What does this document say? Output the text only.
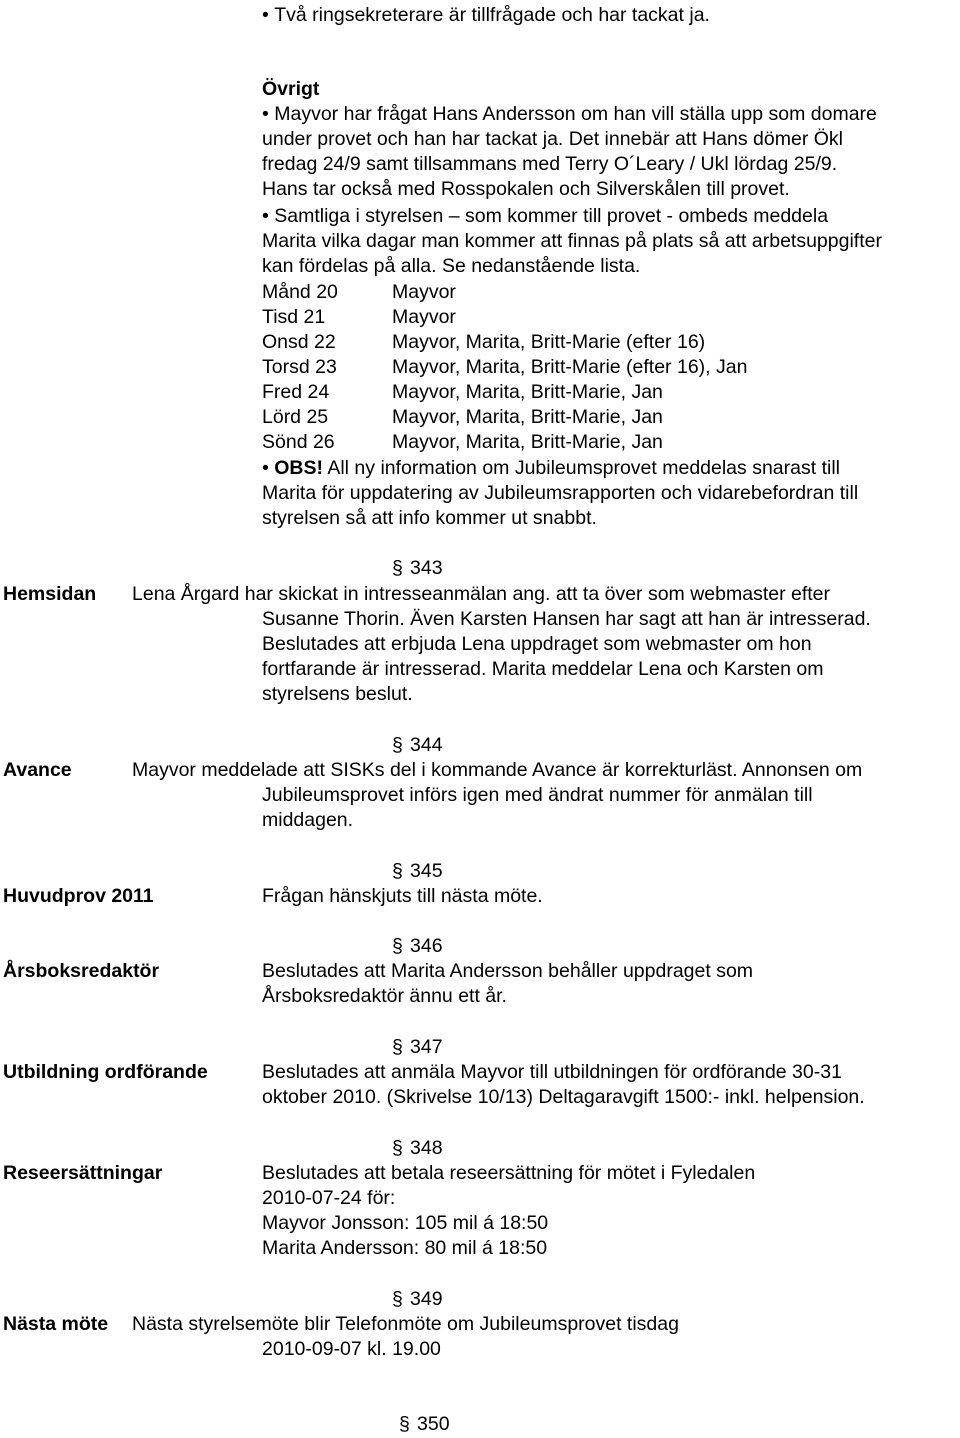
• Två ringsekreterare är tillfrågade och har tackat ja.
Övrigt
• Mayvor har frågat Hans Andersson om han vill ställa upp som domare
under provet och han har tackat ja. Det innebär att Hans dömer Ökl
fredag 24/9 samt tillsammans med Terry O´Leary / Ukl lördag 25/9.
Hans tar också med Rosspokalen och Silverskålen till provet.
• Samtliga i styrelsen – som kommer till provet - ombeds meddela
Marita vilka dagar man kommer att finnas på plats så att arbetsuppgifter
kan fördelas på alla. Se nedanstående lista.
Månd 20	Mayvor
Tisd 21	Mayvor
Onsd 22	Mayvor, Marita, Britt-Marie (efter 16)
Torsd 23	Mayvor, Marita, Britt-Marie (efter 16), Jan
Fred 24	Mayvor, Marita, Britt-Marie, Jan
Lörd 25	Mayvor, Marita, Britt-Marie, Jan
Sönd 26	Mayvor, Marita, Britt-Marie, Jan
• OBS! All ny information om Jubileumsprovet meddelas snarast till
Marita för uppdatering av Jubileumsrapporten och vidarebefordran till
styrelsen så att info kommer ut snabbt.
§ 343
Hemsidan Lena Årgard har skickat in intresseanmälan ang. att ta över som webmaster efter
Susanne Thorin. Även Karsten Hansen har sagt att han är intresserad.
Beslutades att erbjuda Lena uppdraget som webmaster om hon
fortfarande är intresserad. Marita meddelar Lena och Karsten om
styrelsens beslut.
§ 344
Avance	Mayvor meddelade att SISKs del i kommande Avance är korrekturläst. Annonsen om
Jubileumsprovet införs igen med ändrat nummer för anmälan till
middagen.
§ 345
Huvudprov 2011	Frågan hänskjuts till nästa möte.
§ 346
Årsboksredaktör	Beslutades att Marita Andersson behåller uppdraget som
Årsboksredaktör ännu ett år.
§ 347
Utbildning ordförande	Beslutades att anmäla Mayvor till utbildningen för ordförande 30-31
oktober 2010. (Skrivelse 10/13) Deltagaravgift 1500:- inkl. helpension.
§ 348
Reseersättningar	Beslutades att betala reseersättning för mötet i Fyledalen
2010-07-24 för:
Mayvor Jonsson: 105 mil á 18:50
Marita Andersson: 80 mil á 18:50
§ 349
Nästa möte Nästa styrelsemöte blir Telefonmöte om Jubileumsprovet tisdag
2010-09-07 kl. 19.00
§ 350
